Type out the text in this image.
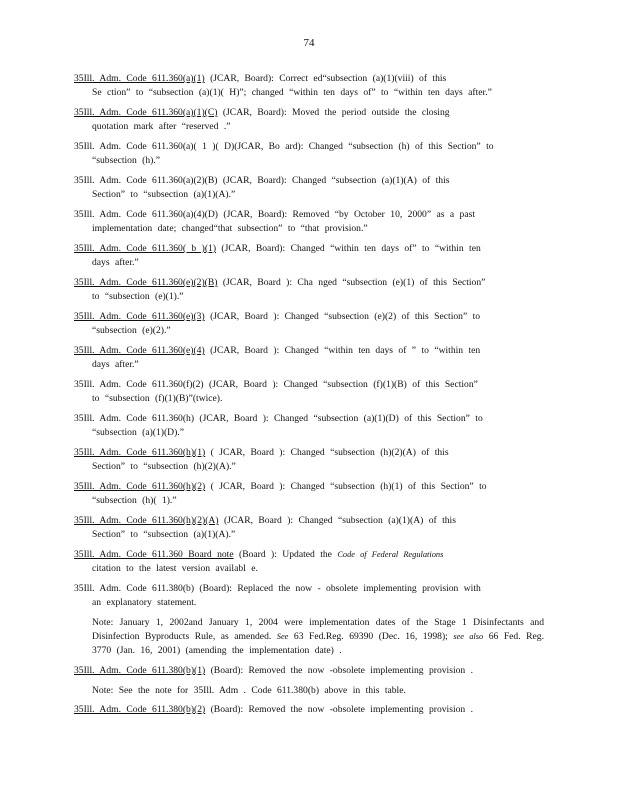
74
35Ill. Adm. Code 611.360(a)(1) (JCAR, Board): Correct ed“subsection (a)(1)(viii) of this
Se ction” to “subsection (a)(1)( H)”; changed “within ten days of” to “within ten days after.”
35Ill. Adm. Code 611.360(a)(1)(C) (JCAR, Board): Moved the period outside the closing
quotation mark after “reserved .”
35Ill. Adm. Code 611.360(a)( 1 )( D)(JCAR, Bo ard): Changed “subsection (h) of this Section” to
“subsection (h).”
35Ill. Adm. Code 611.360(a)(2)(B) (JCAR, Board): Changed “subsection (a)(1)(A) of this
Section” to “subsection (a)(1)(A).”
35Ill. Adm. Code 611.360(a)(4)(D) (JCAR, Board): Removed “by October 10, 2000” as a past
implementation date; changed“that subsection” to “that provision.”
35Ill. Adm. Code 611.360( b )(1) (JCAR, Board): Changed “within ten days of” to “within ten
days after.”
35Ill. Adm. Code 611.360(e)(2)(B) (JCAR, Board ): Cha nged “subsection (e)(1) of this Section”
to “subsection (e)(1).”
35Ill. Adm. Code 611.360(e)(3) (JCAR, Board ): Changed “subsection (e)(2) of this Section” to
“subsection (e)(2).”
35Ill. Adm. Code 611.360(e)(4) (JCAR, Board ): Changed “within ten days of ” to “within ten
days after.”
35Ill. Adm. Code 611.360(f)(2) (JCAR, Board ): Changed “subsection (f)(1)(B) of this Section”
to “subsection (f)(1)(B)”(twice).
35Ill. Adm. Code 611.360(h) (JCAR, Board ): Changed “subsection (a)(1)(D) of this Section” to
“subsection (a)(1)(D).”
35Ill. Adm. Code 611.360(h)(1) ( JCAR, Board ): Changed “subsection (h)(2)(A) of this
Section” to “subsection (h)(2)(A).”
35Ill. Adm. Code 611.360(h)(2) ( JCAR, Board ): Changed “subsection (h)(1) of this Section” to
“subsection (h)( 1).”
35Ill. Adm. Code 611.360(h)(2)(A) (JCAR, Board ): Changed “subsection (a)(1)(A) of this
Section” to “subsection (a)(1)(A).”
35Ill. Adm. Code 611.360 Board note (Board ): Updated the Code of Federal Regulations
citation to the latest version availabl e.
35Ill. Adm. Code 611.380(b) (Board): Replaced the now - obsolete implementing provision with
an explanatory statement.
Note: January 1, 2002and January 1, 2004 were implementation dates of the Stage 1 Disinfectants and Disinfection Byproducts Rule, as amended. See 63 Fed.Reg. 69390 (Dec. 16, 1998); see also 66 Fed. Reg. 3770 (Jan. 16, 2001) (amending the implementation date) .
35Ill. Adm. Code 611.380(b)(1) (Board): Removed the now -obsolete implementing provision .
Note: See the note for 35Ill. Adm . Code 611.380(b) above in this table.
35Ill. Adm. Code 611.380(b)(2) (Board): Removed the now -obsolete implementing provision .
